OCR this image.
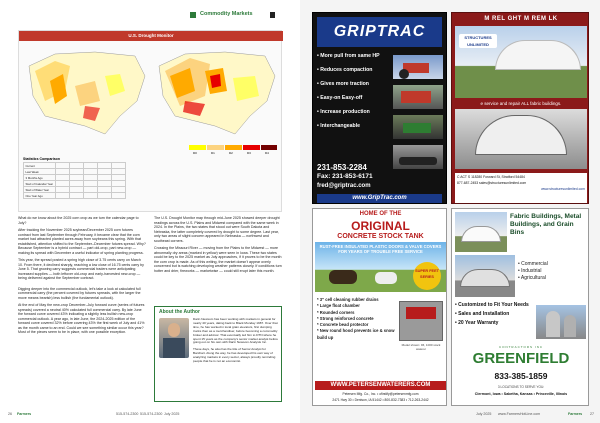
Commodity Markets
U.S. Drought Monitor
D0	D1	D2	D3	D4
Statistics Comparison
Current					
Last Week					
3 Months Ago					
Start of Calendar Year					
Start of Water Year					
One Year Ago					

What do we know about the 2025 corn crop as we turn the calendar page to July?

After tracking the November 2025 soybean/December 2025 corn futures contract from last September through February, it became clear that the corn market had attracted planted acres away from soybeans this spring. With that established, attention shifted to the September–December futures spread. Why? Because September is a hybrid contract — part old-crop, part new-crop — making its spread with December a useful indicator of spring planting progress.

This year, the spread posted a spring high close of 3.75 cents carry on March 10. From there, it declined sharply, reaching a low close of 16.75 cents carry by June 5. That growing carry suggests commercial traders were anticipating increased supplies — both leftover old-crop and early-harvested new-crop — being delivered against the September contract.

Digging deeper into the commercial outlook, let's take a look at calculated full commercial carry (the percent covered by futures spreads, with the larger the move means bearish) less bullish (the fundamental outlook).

At the end of May the new-crop December–July forward curve (series of futures spreads) covered a neutral 40% calculated full commercial carry. By late June the forward curve covered 43% indicating a slightly less bullish new-crop commercial outlook. A year ago, in late June, the 2024-2025 edition of the forward curve covered 32% before covering 43% the first week of July and 41% as the month came to an end. Could we see something similar occur this year? Most of the pieces seem to be in place, with one possible exception.

The U.S. Drought Monitor map through mid-June 2025 showed deeper drought readings across the U.S. Plains and Midwest compared with the same week in 2024. In the Plains, the two states that stood out were South Dakota and Nebraska, the latter completely covered by drought to some degree. Last year, only two areas of slight concern appeared in Nebraska — northwest and southeast corners.

Crossing the Missouri River — moving from the Plains to the Midwest — more abnormally dry areas (marked in yellow) were seen in Iowa. These two states could be key to the 2025 market as July approaches, if it proves to be the month the corn crop is made. As of this writing, the market doesn't appear overly concerned but is watching developing weather patterns closely. If conditions turn hotter and drier, fireworks — marketwise — could still erupt later this month.

About the Author

Darin Newsom has been working with markets in general for nearly 40 years, dating back to Black Monday 1987. Over that time, he has worked in local grain elevators, first dumping trucks then as a merchandiser, before becoming a commodity broker and advisor. That eventually led him to DTN where he spent 15 years as the company's senior market analyst before going out on his own with Darin Newsom Analysis Inc.

These days, he also has the title of Senior Analyst for Barchart. Along the way, he has developed his own way of analyzing markets in every sector, always proudly reminding people that he is not an economist.

26 Farmers	515-574-2300 515-574-2300 July 2025
GRIPTRAC
• More pull from same HP
• Reduces compaction
• Gives more traction
• Easy-on Easy-off
• Increase production
• Interchangeable
231-853-2284
Fax: 231-853-6171
fred@griptrac.com
www.GripTrac.com
M REL GHT M REM LK
STRUCTURES UNLIMITED
e service and repair ALL fabric buildings.
C ACT S 118280 Forward St, Stratford 54484
877-687-2453 sales@structuresunlimited.com
www.structuresunlimited.com
HOME OF THE
ORIGINAL
CONCRETE STOCK TANK
RUST-FREE INSULATED PLASTIC DOORS & VALVE COVERS FOR YEARS OF TROUBLE FREE SERVICE
SUPER FEET SERIES
* 3" cell cleaning rubber drains
* Large float chamber
* Rounded corners
* Strong reinforced concrete
* Concrete bead protector
* New round hood prevents ice & snow build up
Model shown: 9ft, 1000 stock waterer
WWW.PETERSENWATERERS.COM
Petersen Mfg. Co., Inc. • ofirstify@petersenmfg.com
2471 Hwy 30 • Denison, IA 51442 • 800-832-7383 • 712-263-2442
Fabric Buildings, Metal Buildings, and Grain Bins
• Commercial
• Industrial
• Agricultural
• Customized to Fit Your Needs
• Sales and Installation
• 20 Year Warranty
CONTRACTORS INC
GREENFIELD
833-385-1859
3 LOCATIONS TO SERVE YOU:
Clermont, Iowa • Sabetha, Kansas • Princeville, Illinois
July 2025 www.FarmersHotLine.com	Farmers 27
